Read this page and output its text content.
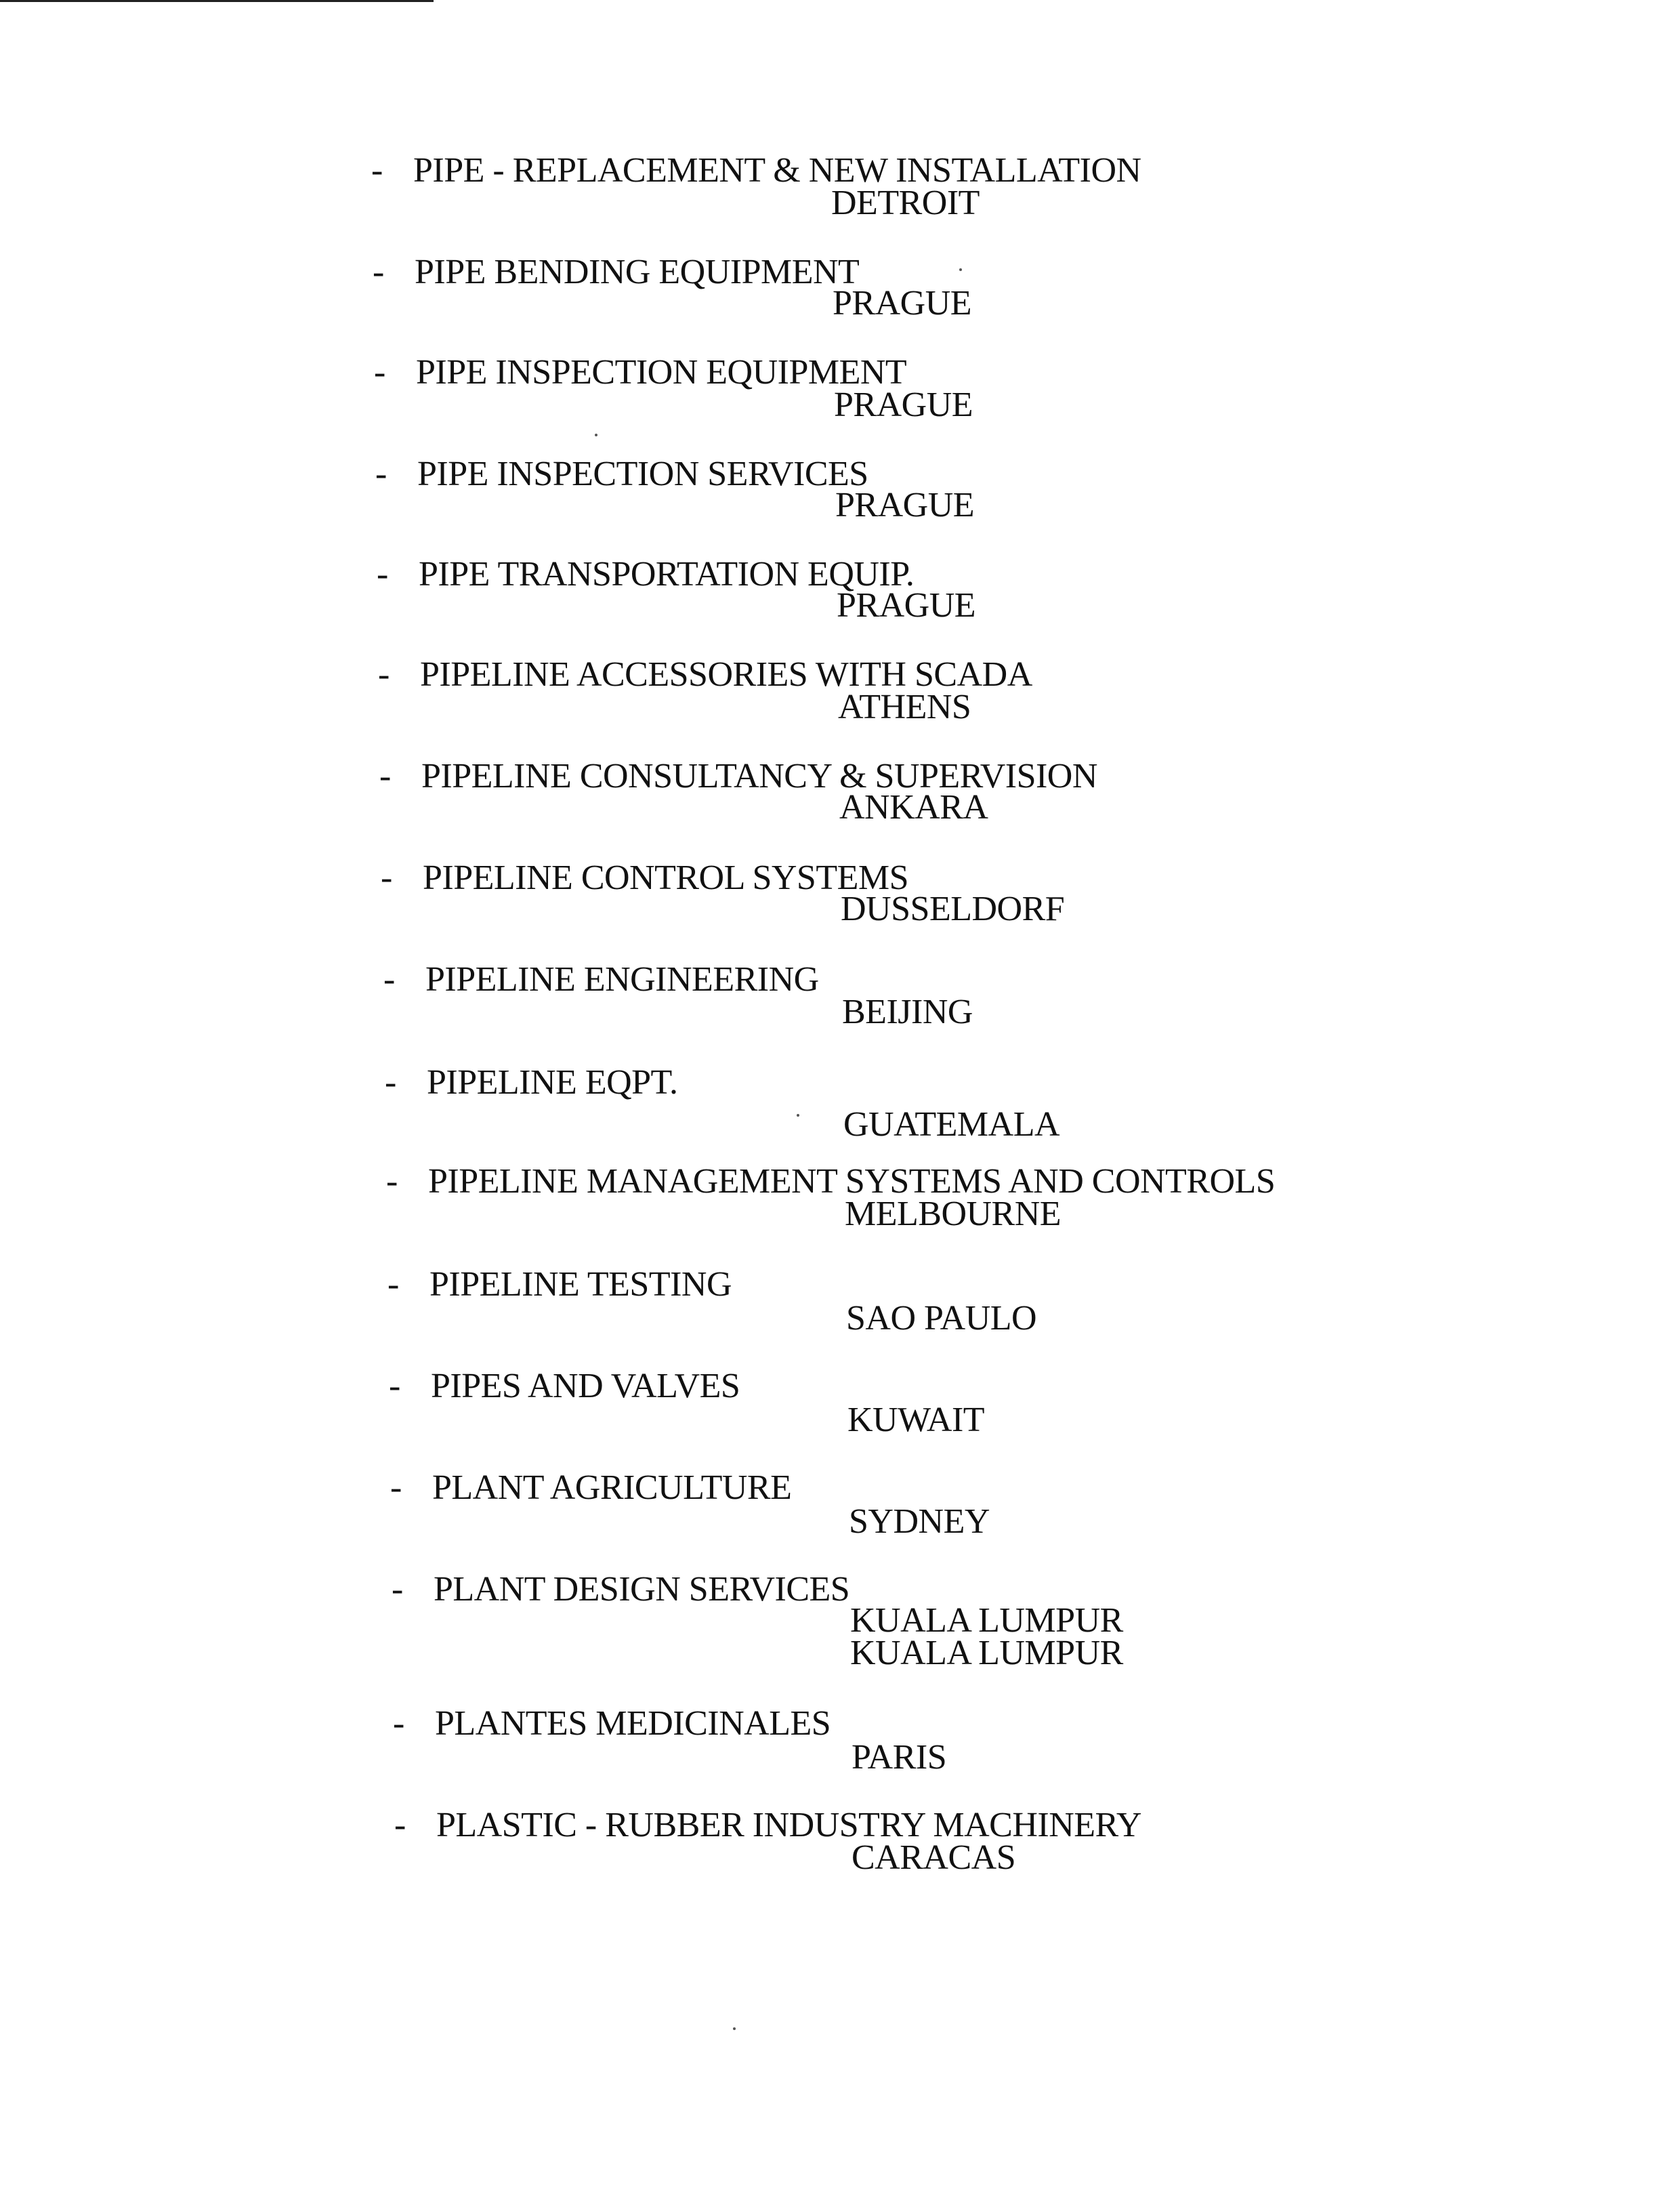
- PIPE - REPLACEMENT & NEW INSTALLATION
DETROIT
- PIPE BENDING EQUIPMENT
PRAGUE
- PIPE INSPECTION EQUIPMENT
PRAGUE
- PIPE INSPECTION SERVICES
PRAGUE
- PIPE TRANSPORTATION EQUIP.
PRAGUE
- PIPELINE ACCESSORIES WITH SCADA
ATHENS
- PIPELINE CONSULTANCY & SUPERVISION
ANKARA
- PIPELINE CONTROL SYSTEMS
DUSSELDORF
- PIPELINE ENGINEERING
BEIJING
- PIPELINE EQPT.
GUATEMALA
- PIPELINE MANAGEMENT SYSTEMS AND CONTROLS
MELBOURNE
- PIPELINE TESTING
SAO PAULO
- PIPES AND VALVES
KUWAIT
- PLANT AGRICULTURE
SYDNEY
- PLANT DESIGN SERVICES
KUALA LUMPUR
KUALA LUMPUR
- PLANTES MEDICINALES
PARIS
- PLASTIC - RUBBER INDUSTRY MACHINERY
CARACAS
